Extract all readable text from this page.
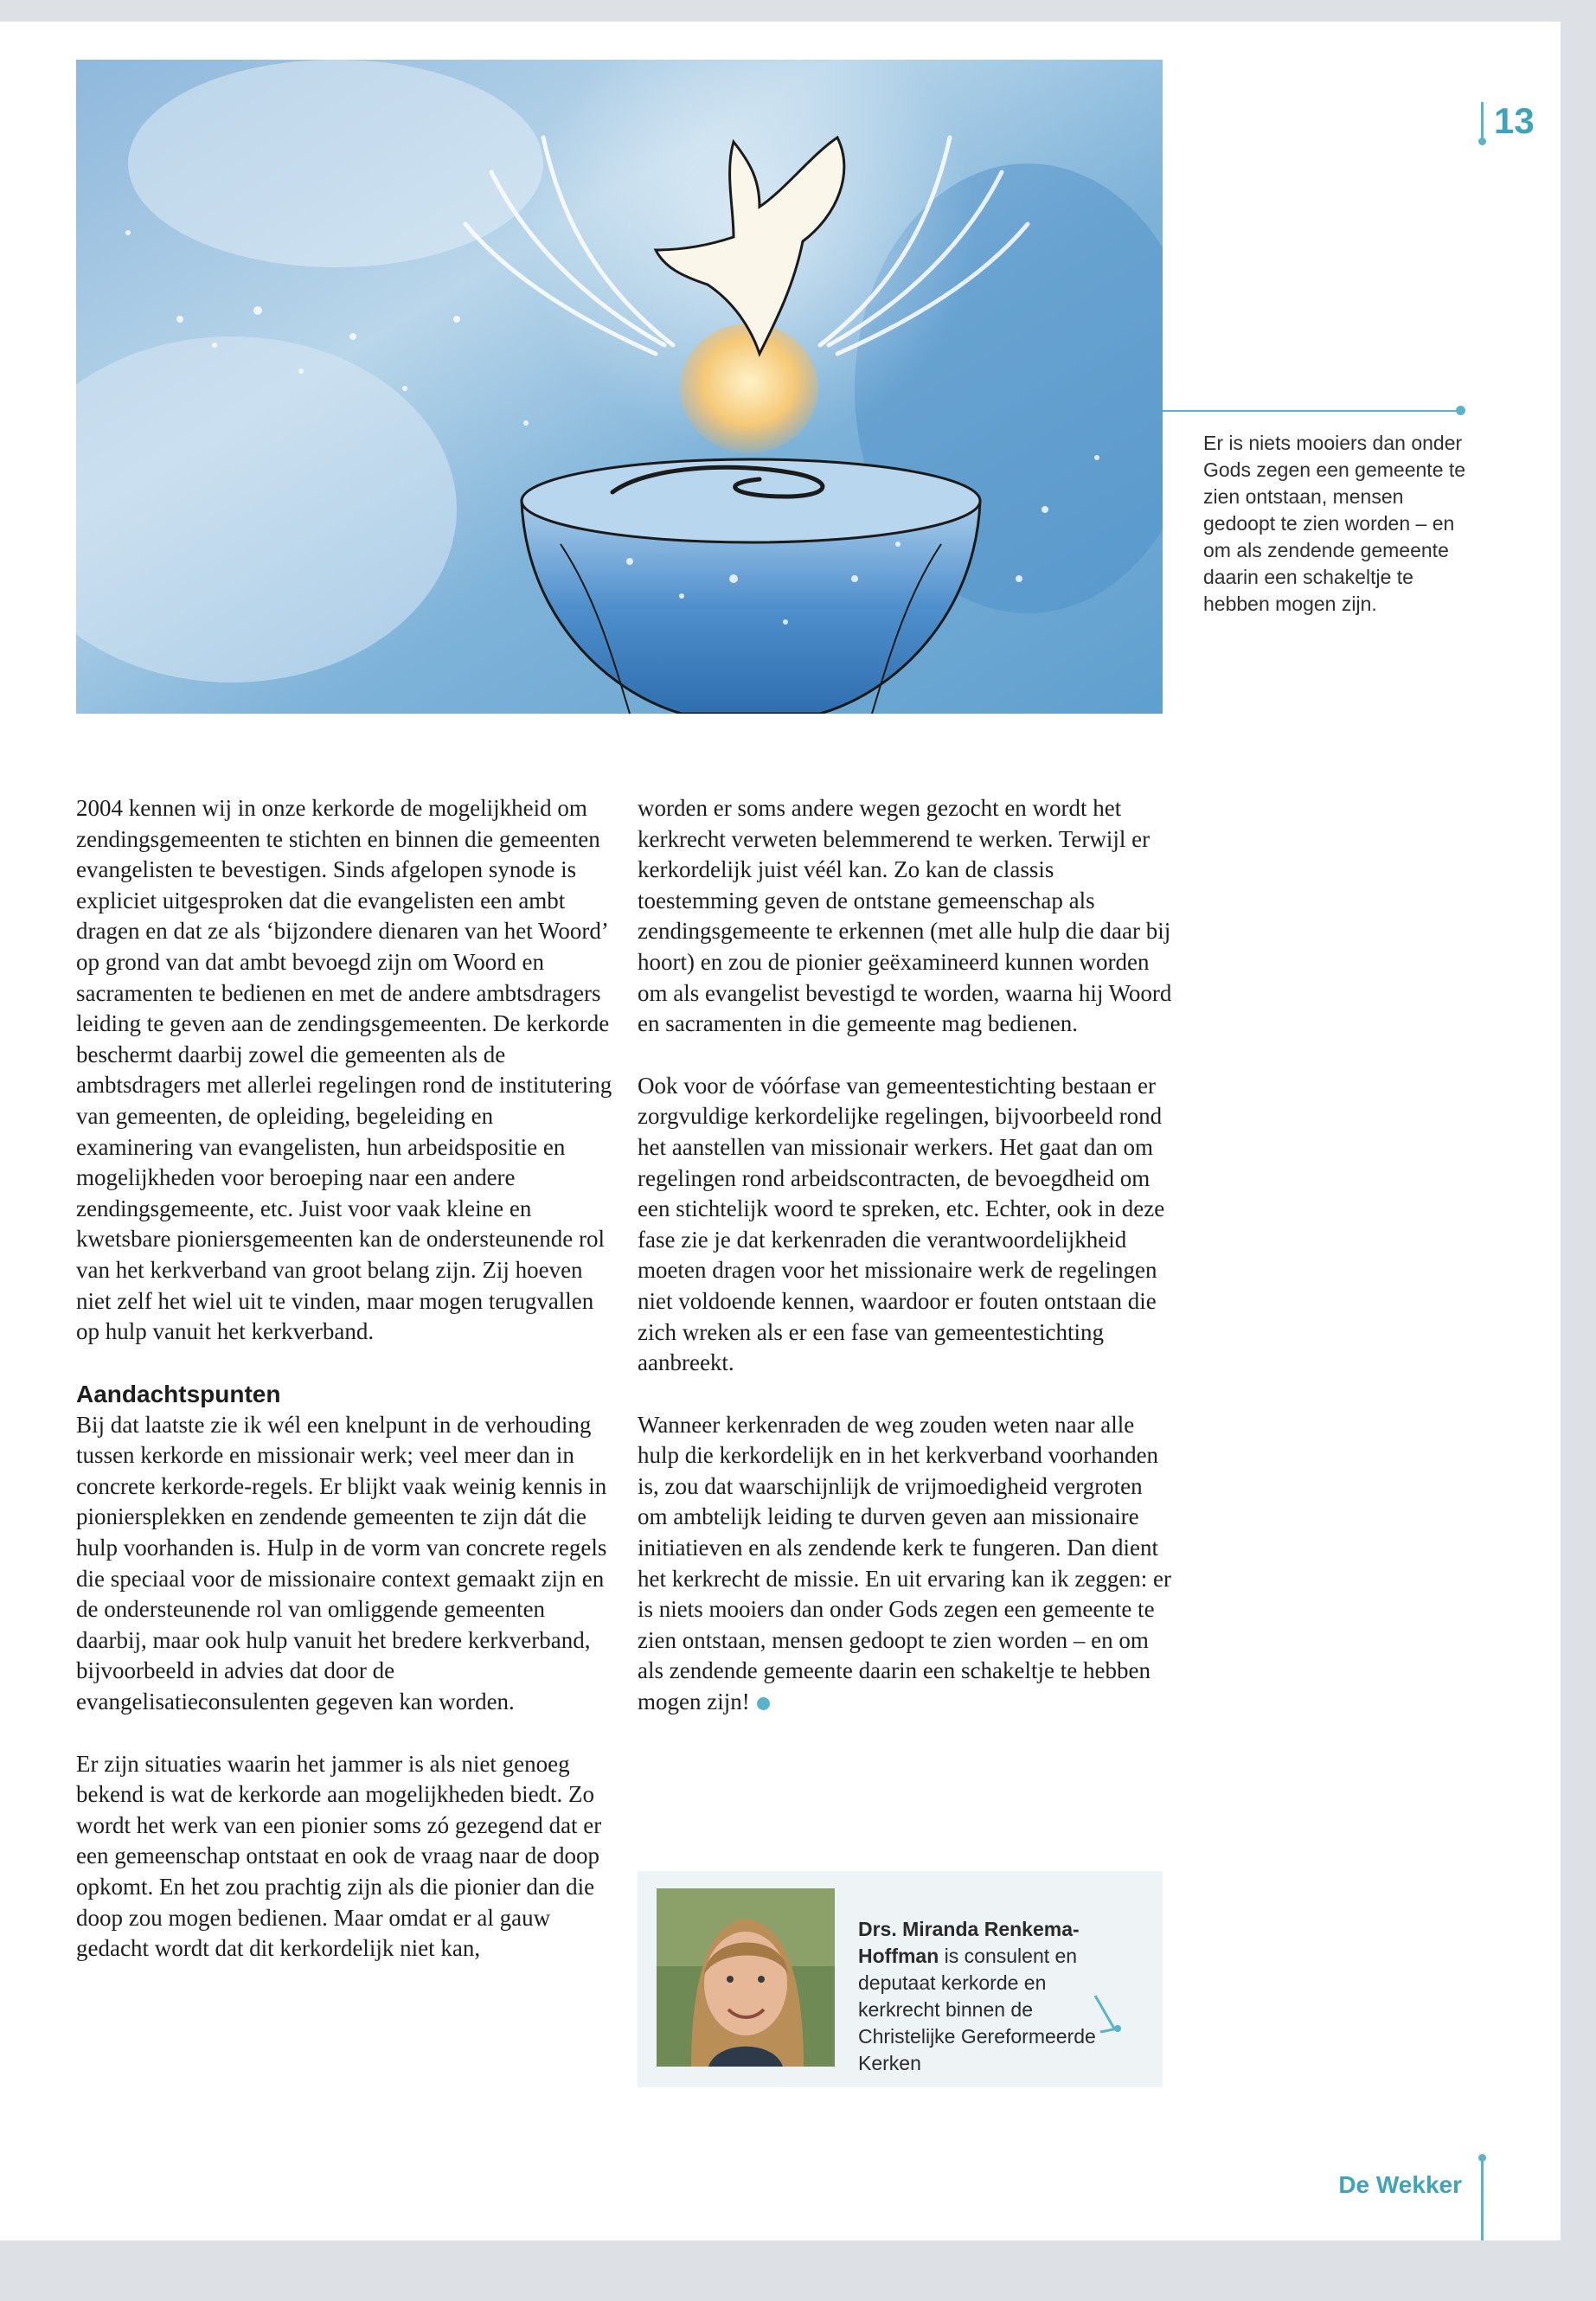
13
Er is niets mooiers dan onder Gods zegen een gemeente te zien ontstaan, mensen gedoopt te zien worden – en om als zendende gemeente daarin een schakeltje te hebben mogen zijn.

2004 kennen wij in onze kerkorde de mogelijkheid om zendingsgemeenten te stichten en binnen die gemeenten evangelisten te bevestigen. Sinds afgelopen synode is expliciet uitgesproken dat die evangelisten een ambt dragen en dat ze als ‘bijzondere dienaren van het Woord’ op grond van dat ambt bevoegd zijn om Woord en sacramenten te bedienen en met de andere ambtsdragers leiding te geven aan de zendingsgemeenten. De kerkorde beschermt daarbij zowel die gemeenten als de ambtsdragers met allerlei regelingen rond de institutering van gemeenten, de opleiding, begeleiding en examinering van evangelisten, hun arbeidspositie en mogelijkheden voor beroeping naar een andere zendingsgemeente, etc. Juist voor vaak kleine en kwetsbare pioniersgemeenten kan de ondersteunende rol van het kerkverband van groot belang zijn. Zij hoeven niet zelf het wiel uit te vinden, maar mogen terugvallen op hulp vanuit het kerkverband.

Aandachtspunten

Bij dat laatste zie ik wél een knelpunt in de verhouding tussen kerkorde en missionair werk; veel meer dan in concrete kerkorde-regels. Er blijkt vaak weinig kennis in pioniersplekken en zendende gemeenten te zijn dát die hulp voorhanden is. Hulp in de vorm van concrete regels die speciaal voor de missionaire context gemaakt zijn en de ondersteunende rol van omliggende gemeenten daarbij, maar ook hulp vanuit het bredere kerkverband, bijvoorbeeld in advies dat door de evangelisatieconsulenten gegeven kan worden.

Er zijn situaties waarin het jammer is als niet genoeg bekend is wat de kerkorde aan mogelijkheden biedt. Zo wordt het werk van een pionier soms zó gezegend dat er een gemeenschap ontstaat en ook de vraag naar de doop opkomt. En het zou prachtig zijn als die pionier dan die doop zou mogen bedienen. Maar omdat er al gauw gedacht wordt dat dit kerkordelijk niet kan,

worden er soms andere wegen gezocht en wordt het kerkrecht verweten belemmerend te werken. Terwijl er kerkordelijk juist véél kan. Zo kan de classis toestemming geven de ontstane gemeenschap als zendingsgemeente te erkennen (met alle hulp die daar bij hoort) en zou de pionier geëxamineerd kunnen worden om als evangelist bevestigd te worden, waarna hij Woord en sacramenten in die gemeente mag bedienen.

Ook voor de vóórfase van gemeentestichting bestaan er zorgvuldige kerkordelijke regelingen, bijvoorbeeld rond het aanstellen van missionair werkers. Het gaat dan om regelingen rond arbeidscontracten, de bevoegdheid om een stichtelijk woord te spreken, etc. Echter, ook in deze fase zie je dat kerkenraden die verantwoordelijkheid moeten dragen voor het missionaire werk de regelingen niet voldoende kennen, waardoor er fouten ontstaan die zich wreken als er een fase van gemeentestichting aanbreekt.

Wanneer kerkenraden de weg zouden weten naar alle hulp die kerkordelijk en in het kerkverband voorhanden is, zou dat waarschijnlijk de vrijmoedigheid vergroten om ambtelijk leiding te durven geven aan missionaire initiatieven en als zendende kerk te fungeren. Dan dient het kerkrecht de missie. En uit ervaring kan ik zeggen: er is niets mooiers dan onder Gods zegen een gemeente te zien ontstaan, mensen gedoopt te zien worden – en om als zendende gemeente daarin een schakeltje te hebben mogen zijn!

Drs. Miranda Renkema-Hoffman is consulent en deputaat kerkorde en kerkrecht binnen de Christelijke Gereformeerde Kerken
De Wekker
